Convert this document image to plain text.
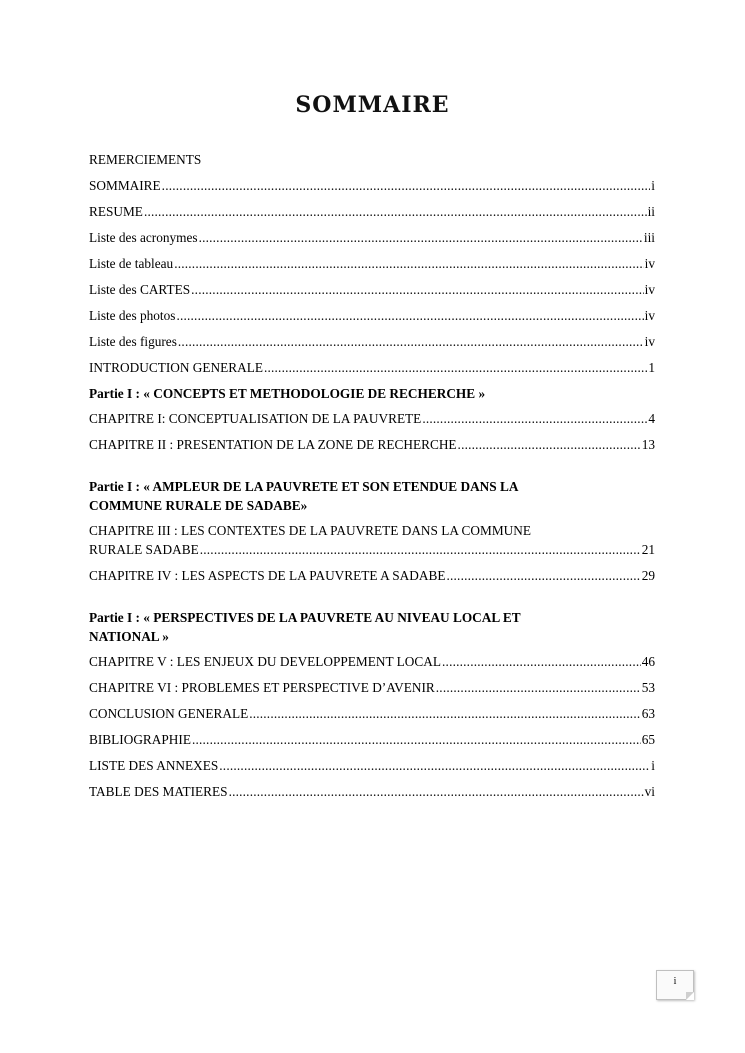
SOMMAIRE
REMERCIEMENTS
SOMMAIRE .....	i
RESUME .....	ii
Liste des acronymes .....	iii
Liste de tableau .....	iv
Liste des CARTES .....	iv
Liste des photos .....	iv
Liste des figures .....	iv
INTRODUCTION GENERALE .....	1
Partie I : « CONCEPTS ET METHODOLOGIE DE RECHERCHE »
CHAPITRE I: CONCEPTUALISATION DE LA PAUVRETE .....	4
CHAPITRE II : PRESENTATION DE LA ZONE DE RECHERCHE .....	13
Partie I : « AMPLEUR DE LA PAUVRETE ET SON ETENDUE DANS LA
COMMUNE RURALE DE SADABE»
CHAPITRE III : LES CONTEXTES DE LA PAUVRETE DANS LA COMMUNE
RURALE SADABE .....	21
CHAPITRE IV : LES ASPECTS DE LA PAUVRETE A SADABE .....	29
Partie I : « PERSPECTIVES DE LA PAUVRETE AU NIVEAU LOCAL ET
NATIONAL »
CHAPITRE V : LES ENJEUX DU DEVELOPPEMENT LOCAL .....	46
CHAPITRE VI : PROBLEMES ET PERSPECTIVE D’AVENIR .....	53
CONCLUSION GENERALE .....	63
BIBLIOGRAPHIE .....	65
LISTE DES ANNEXES .....	i
TABLE DES MATIERES .....	vi
i
